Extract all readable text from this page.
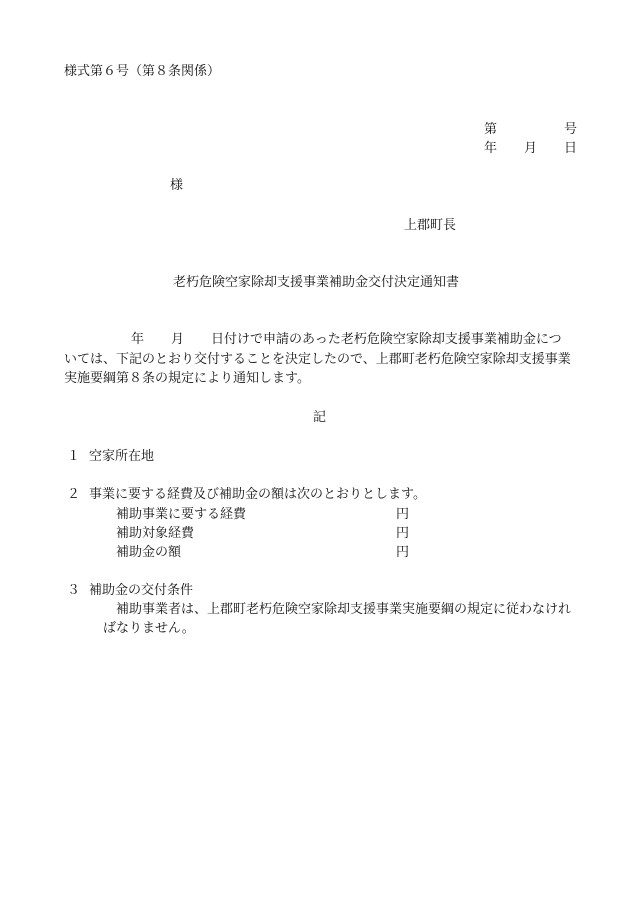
様式第６号（第８条関係）
第	号
年 月 日
様
上郡町長
老朽危険空家除却支援事業補助金交付決定通知書
年 月 日付けで申請のあった老朽危険空家除却支援事業補助金につ
いては、下記のとおり交付することを決定したので、上郡町老朽危険空家除却支援事業
実施要綱第８条の規定により通知します。
記
１ 空家所在地
２ 事業に要する経費及び補助金の額は次のとおりとします。
補助事業に要する経費	円
補助対象経費	円
補助金の額	円
３ 補助金の交付条件
補助事業者は、上郡町老朽危険空家除却支援事業実施要綱の規定に従わなけれ
ばなりません。
